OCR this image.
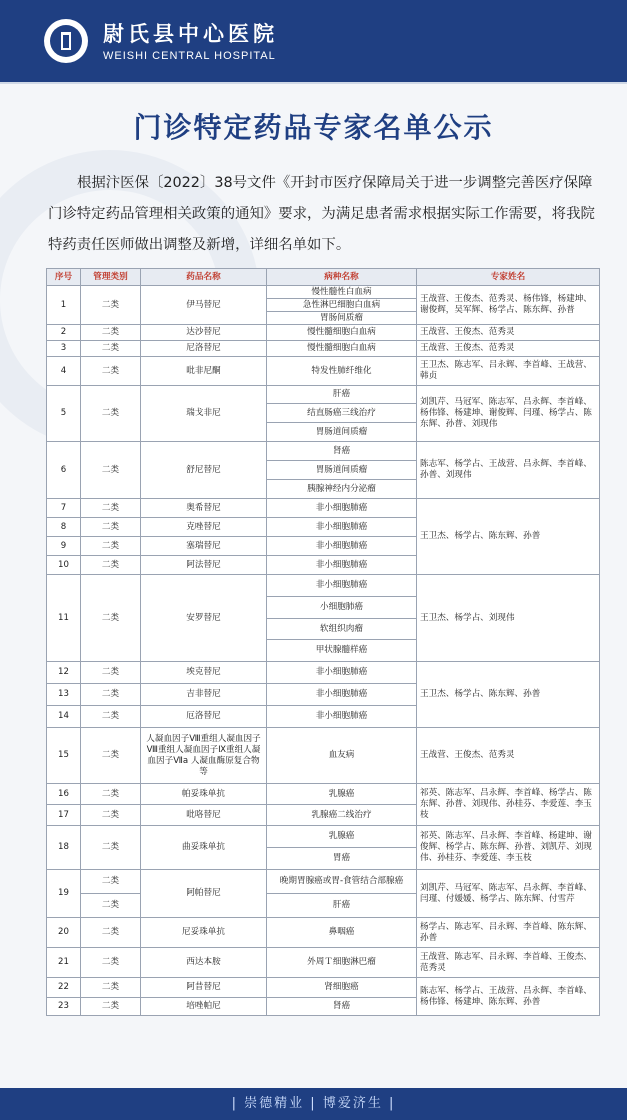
尉氏县中心医院
WEISHI CENTRAL HOSPITAL
门诊特定药品专家名单公示
根据汴医保〔2022〕38号文件《开封市医疗保障局关于进一步调整完善医疗保障门诊特定药品管理相关政策的通知》要求，为满足患者需求根据实际工作需要，将我院特药责任医师做出调整及新增，详细名单如下。
序号	管理类别	药品名称	病种名称	专家姓名
1	二类	伊马替尼	慢性髓性白血病	王战营、王俊杰、范秀灵、杨伟锋，杨建坤、谢俊辉，吴军辉、杨学占、陈东辉、孙普
			急性淋巴细胞白血病	
			胃肠间质瘤	
2	二类	达沙替尼	慢性髓细胞白血病	王战营、王俊杰、范秀灵
3	二类	尼洛替尼	慢性髓细胞白血病	王战营、王俊杰、范秀灵
4	二类	吡非尼酮	特发性肺纤维化	王卫杰、陈志军、吕永辉、李首峰、王战营、韩贞
5	二类	瑞戈非尼	肝癌	刘凯芹、马冠军、陈志军、吕永辉、李首峰、杨伟锋、杨建坤、谢俊辉、闫瑾、杨学占、陈东辉、孙普、刘现伟
			结直肠癌三线治疗	
			胃肠道间质瘤	
6	二类	舒尼替尼	肾癌	陈志军、杨学占、王战营、吕永辉、李首峰、孙普、刘现伟
			胃肠道间质瘤	
			胰腺神经内分泌瘤	
7	二类	奥希替尼	非小细胞肺癌	王卫杰、杨学占、陈东辉、孙普
8	二类	克唑替尼	非小细胞肺癌	
9	二类	塞瑞替尼	非小细胞肺癌	
10	二类	阿法替尼	非小细胞肺癌	
11	二类	安罗替尼	非小细胞肺癌	王卫杰、杨学占、刘现伟
			小细胞肺癌	
			软组织肉瘤	
			甲状腺髓样癌	
12	二类	埃克替尼	非小细胞肺癌	王卫杰、杨学占、陈东辉、孙普
13	二类	吉非替尼	非小细胞肺癌	
14	二类	厄洛替尼	非小细胞肺癌	
15	二类	人凝血因子Ⅷ重组人凝血因子Ⅷ重组人凝血因子Ⅸ重组人凝血因子Ⅶa 人凝血酶原复合物等	血友病	王战营、王俊杰、范秀灵
16	二类	帕妥珠单抗	乳腺癌	祁英、陈志军、吕永辉、李首峰、杨学占、陈东辉、孙普、刘现伟、孙桂芬、李爱莲、李玉枝
17	二类	吡咯替尼	乳腺癌二线治疗	
18	二类	曲妥珠单抗	乳腺癌	祁英、陈志军、吕永辉、李首峰、杨建坤、谢俊辉、杨学占、陈东辉、孙普、刘凯芹、刘现伟、孙桂芬、李爱莲、李玉枝
			胃癌	
19	二类	阿帕替尼	晚期胃腺癌或胃-食管结合部腺癌	刘凯芹、马冠军、陈志军、吕永辉、李首峰、闫瑾、付媛媛、杨学占、陈东辉、付雪芹
	二类		肝癌	
20	二类	尼妥珠单抗	鼻咽癌	杨学占、陈志军、吕永辉、李首峰、陈东辉、孙普
21	二类	西达本胺	外周Ｔ细胞淋巴瘤	王战营、陈志军、吕永辉、李首峰、王俊杰、范秀灵
22	二类	阿昔替尼	肾细胞癌	陈志军、杨学占、王战营、吕永辉、李首峰、杨伟锋、杨建坤、陈东辉、孙普
23	二类	培唑帕尼	肾癌	
| 崇德精业 | 博爱济生 |
